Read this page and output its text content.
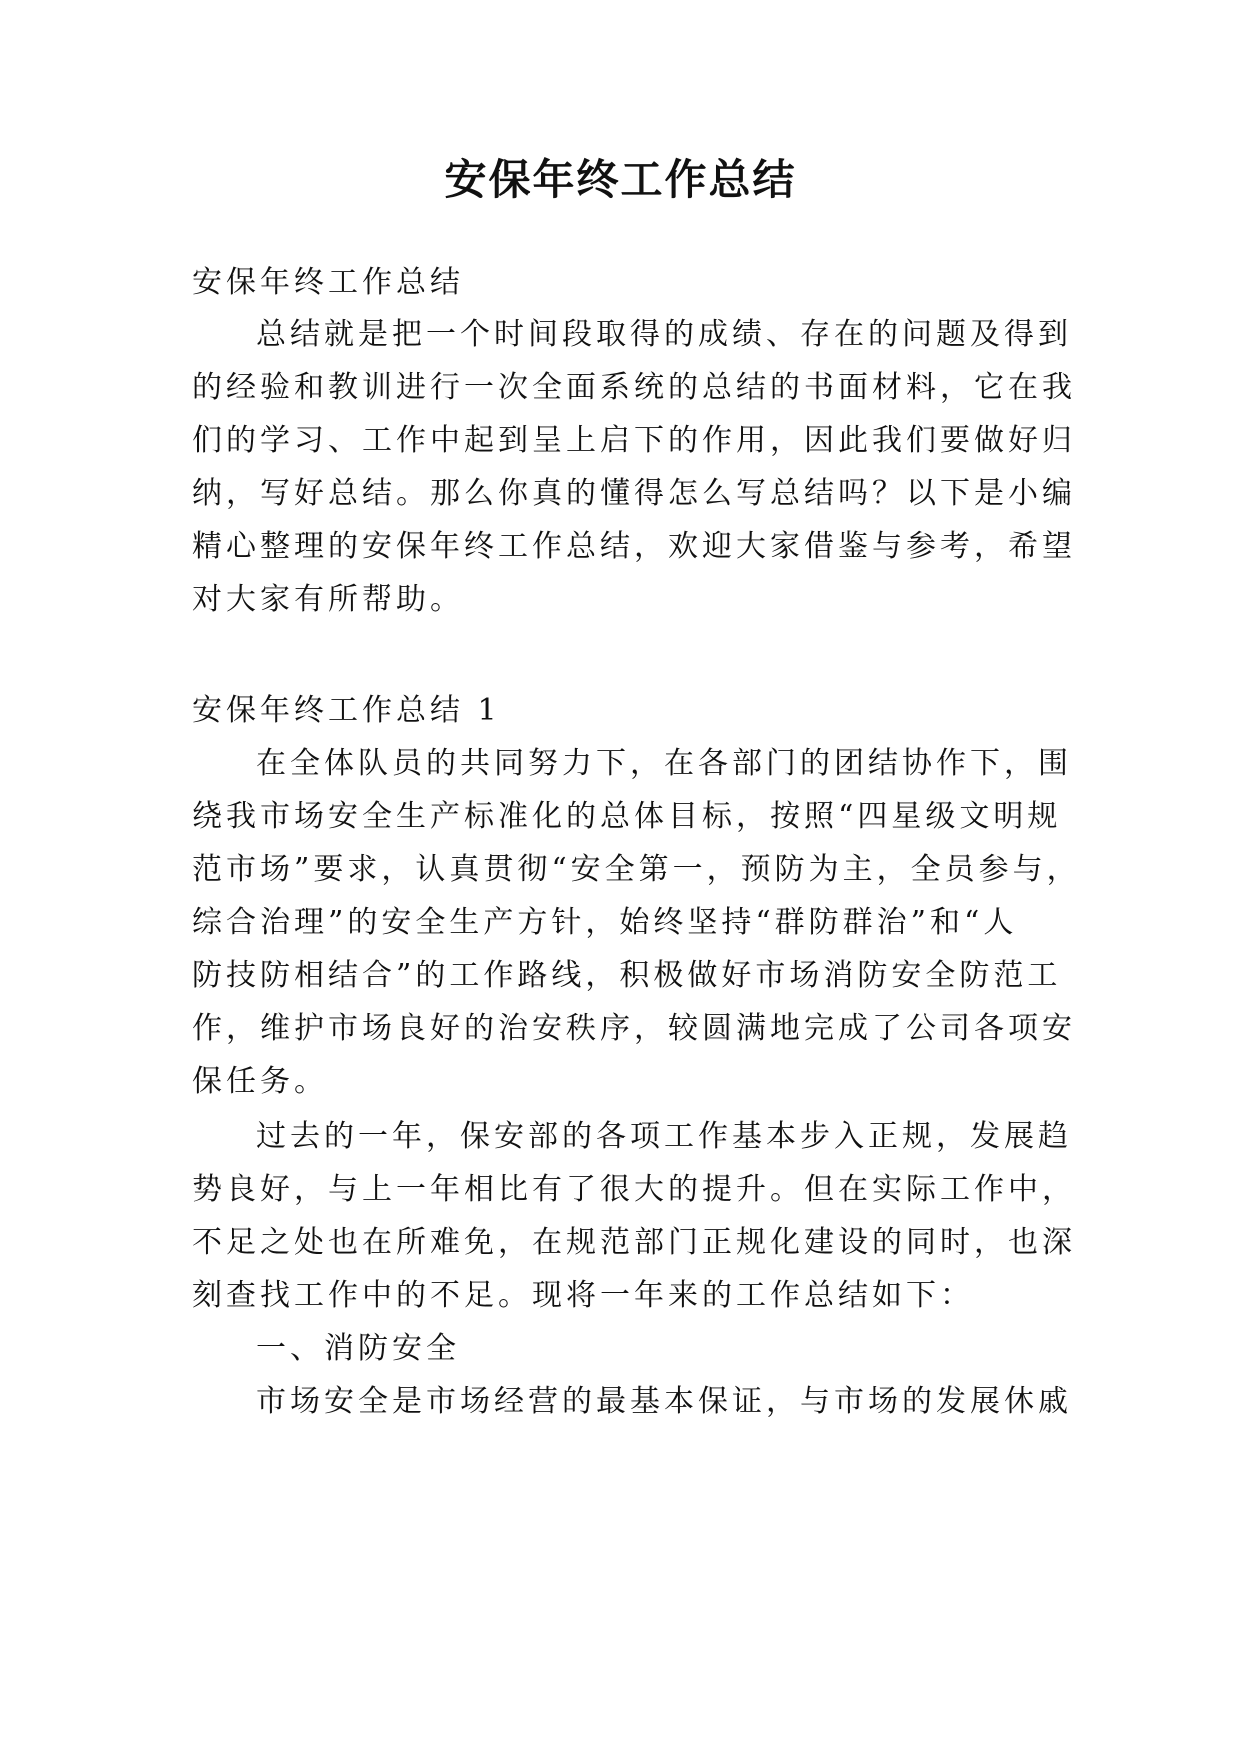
安保年终工作总结

安保年终工作总结

总结就是把一个时间段取得的成绩、存在的问题及得到

的经验和教训进行一次全面系统的总结的书面材料，它在我

们的学习、工作中起到呈上启下的作用，因此我们要做好归

纳，写好总结。那么你真的懂得怎么写总结吗？以下是小编

精心整理的安保年终工作总结，欢迎大家借鉴与参考，希望

对大家有所帮助。

安保年终工作总结 1

在全体队员的共同努力下，在各部门的团结协作下，围

绕我市场安全生产标准化的总体目标，按照“四星级文明规

范市场”要求，认真贯彻“安全第一，预防为主，全员参与，

综合治理”的安全生产方针，始终坚持“群防群治”和“人

防技防相结合”的工作路线，积极做好市场消防安全防范工

作，维护市场良好的治安秩序，较圆满地完成了公司各项安

保任务。

过去的一年，保安部的各项工作基本步入正规，发展趋

势良好，与上一年相比有了很大的提升。但在实际工作中，

不足之处也在所难免，在规范部门正规化建设的同时，也深

刻查找工作中的不足。现将一年来的工作总结如下：

一、消防安全

市场安全是市场经营的最基本保证，与市场的发展休戚
